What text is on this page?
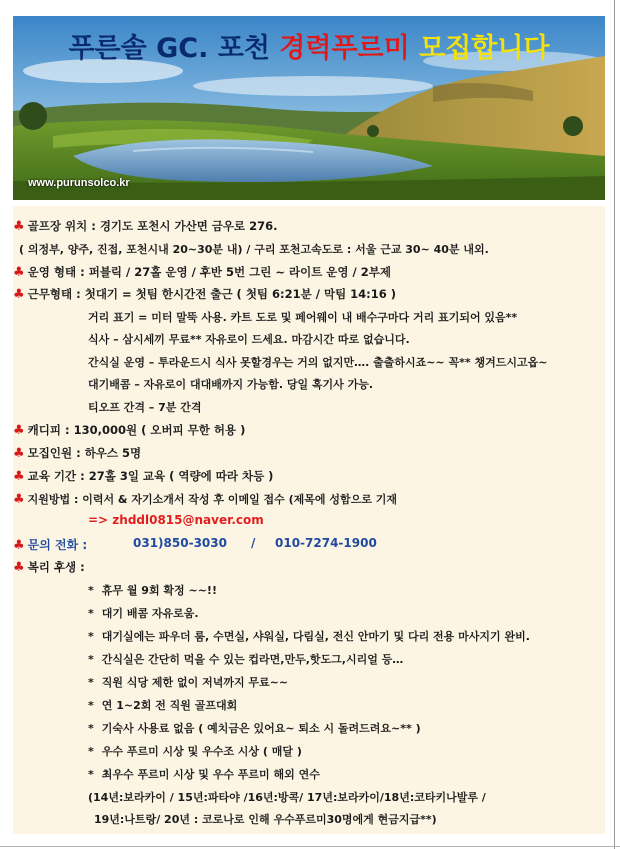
푸른솔 GC. 포천 경력푸르미 모집합니다
www.purunsolco.kr
♣ 골프장 위치 : 경기도 포천시 가산면 금우로 276.
( 의정부, 양주, 진접, 포천시내 20~30분 내) / 구리 포천고속도로 : 서울 근교 30~ 40분 내외.
♣ 운영 형태 : 퍼블릭 / 27홀 운영 / 후반 5번 그린 ~ 라이트 운영 / 2부제
♣ 근무형태 : 첫대기 = 첫팀 한시간전 출근 ( 첫팀 6:21분 / 막팀 14:16 )
거리 표기 = 미터 말뚝 사용. 카트 도로 및 페어웨이 내 배수구마다 거리 표기되어 있음**
식사 – 삼시세끼 무료** 자유로이 드세요. 마감시간 따로 없습니다.
간식실 운영 – 투라운드시 식사 못할경우는 거의 없지만…. 출출하시죠~~ 꼭** 챙겨드시고옵~
대기배콤 – 자유로이 대대배까지 가능함. 당일 혹기사 가능.
티오프 간격 – 7분 간격
♣ 캐디피 : 130,000원 ( 오버피 무한 허용 )
♣ 모집인원 : 하우스 5명
♣ 교육 기간 : 27홀 3일 교육 ( 역량에 따라 차등 )
♣ 지원방법 : 이력서 & 자기소개서 작성 후 이메일 접수 (제목에 성함으로 기재
=> zhddl0815@naver.com
♣ 문의 전화 :	031)850-3030 / 010-7274-1900
♣ 복리 후생 :
* 휴무 월 9회 확정 ~~!!
* 대기 배콤 자유로움.
* 대기실에는 파우더 룸, 수면실, 샤워실, 다림실, 전신 안마기 및 다리 전용 마사지기 완비.
* 간식실은 간단히 먹을 수 있는 컵라면,만두,핫도그,시리얼 등…
* 직원 식당 제한 없이 저녁까지 무료~~
* 연 1~2회 전 직원 골프대회
* 기숙사 사용료 없음 ( 예치금은 있어요~ 퇴소 시 돌려드려요~** )
* 우수 푸르미 시상 및 우수조 시상 ( 매달 )
* 최우수 푸르미 시상 및 우수 푸르미 해외 연수
(14년:보라카이 / 15년:파타야 /16년:방콕/ 17년:보라카이/18년:코타키나발루 /
19년:나트랑/ 20년 : 코로나로 인해 우수푸르미30명에게 현금지급**)
